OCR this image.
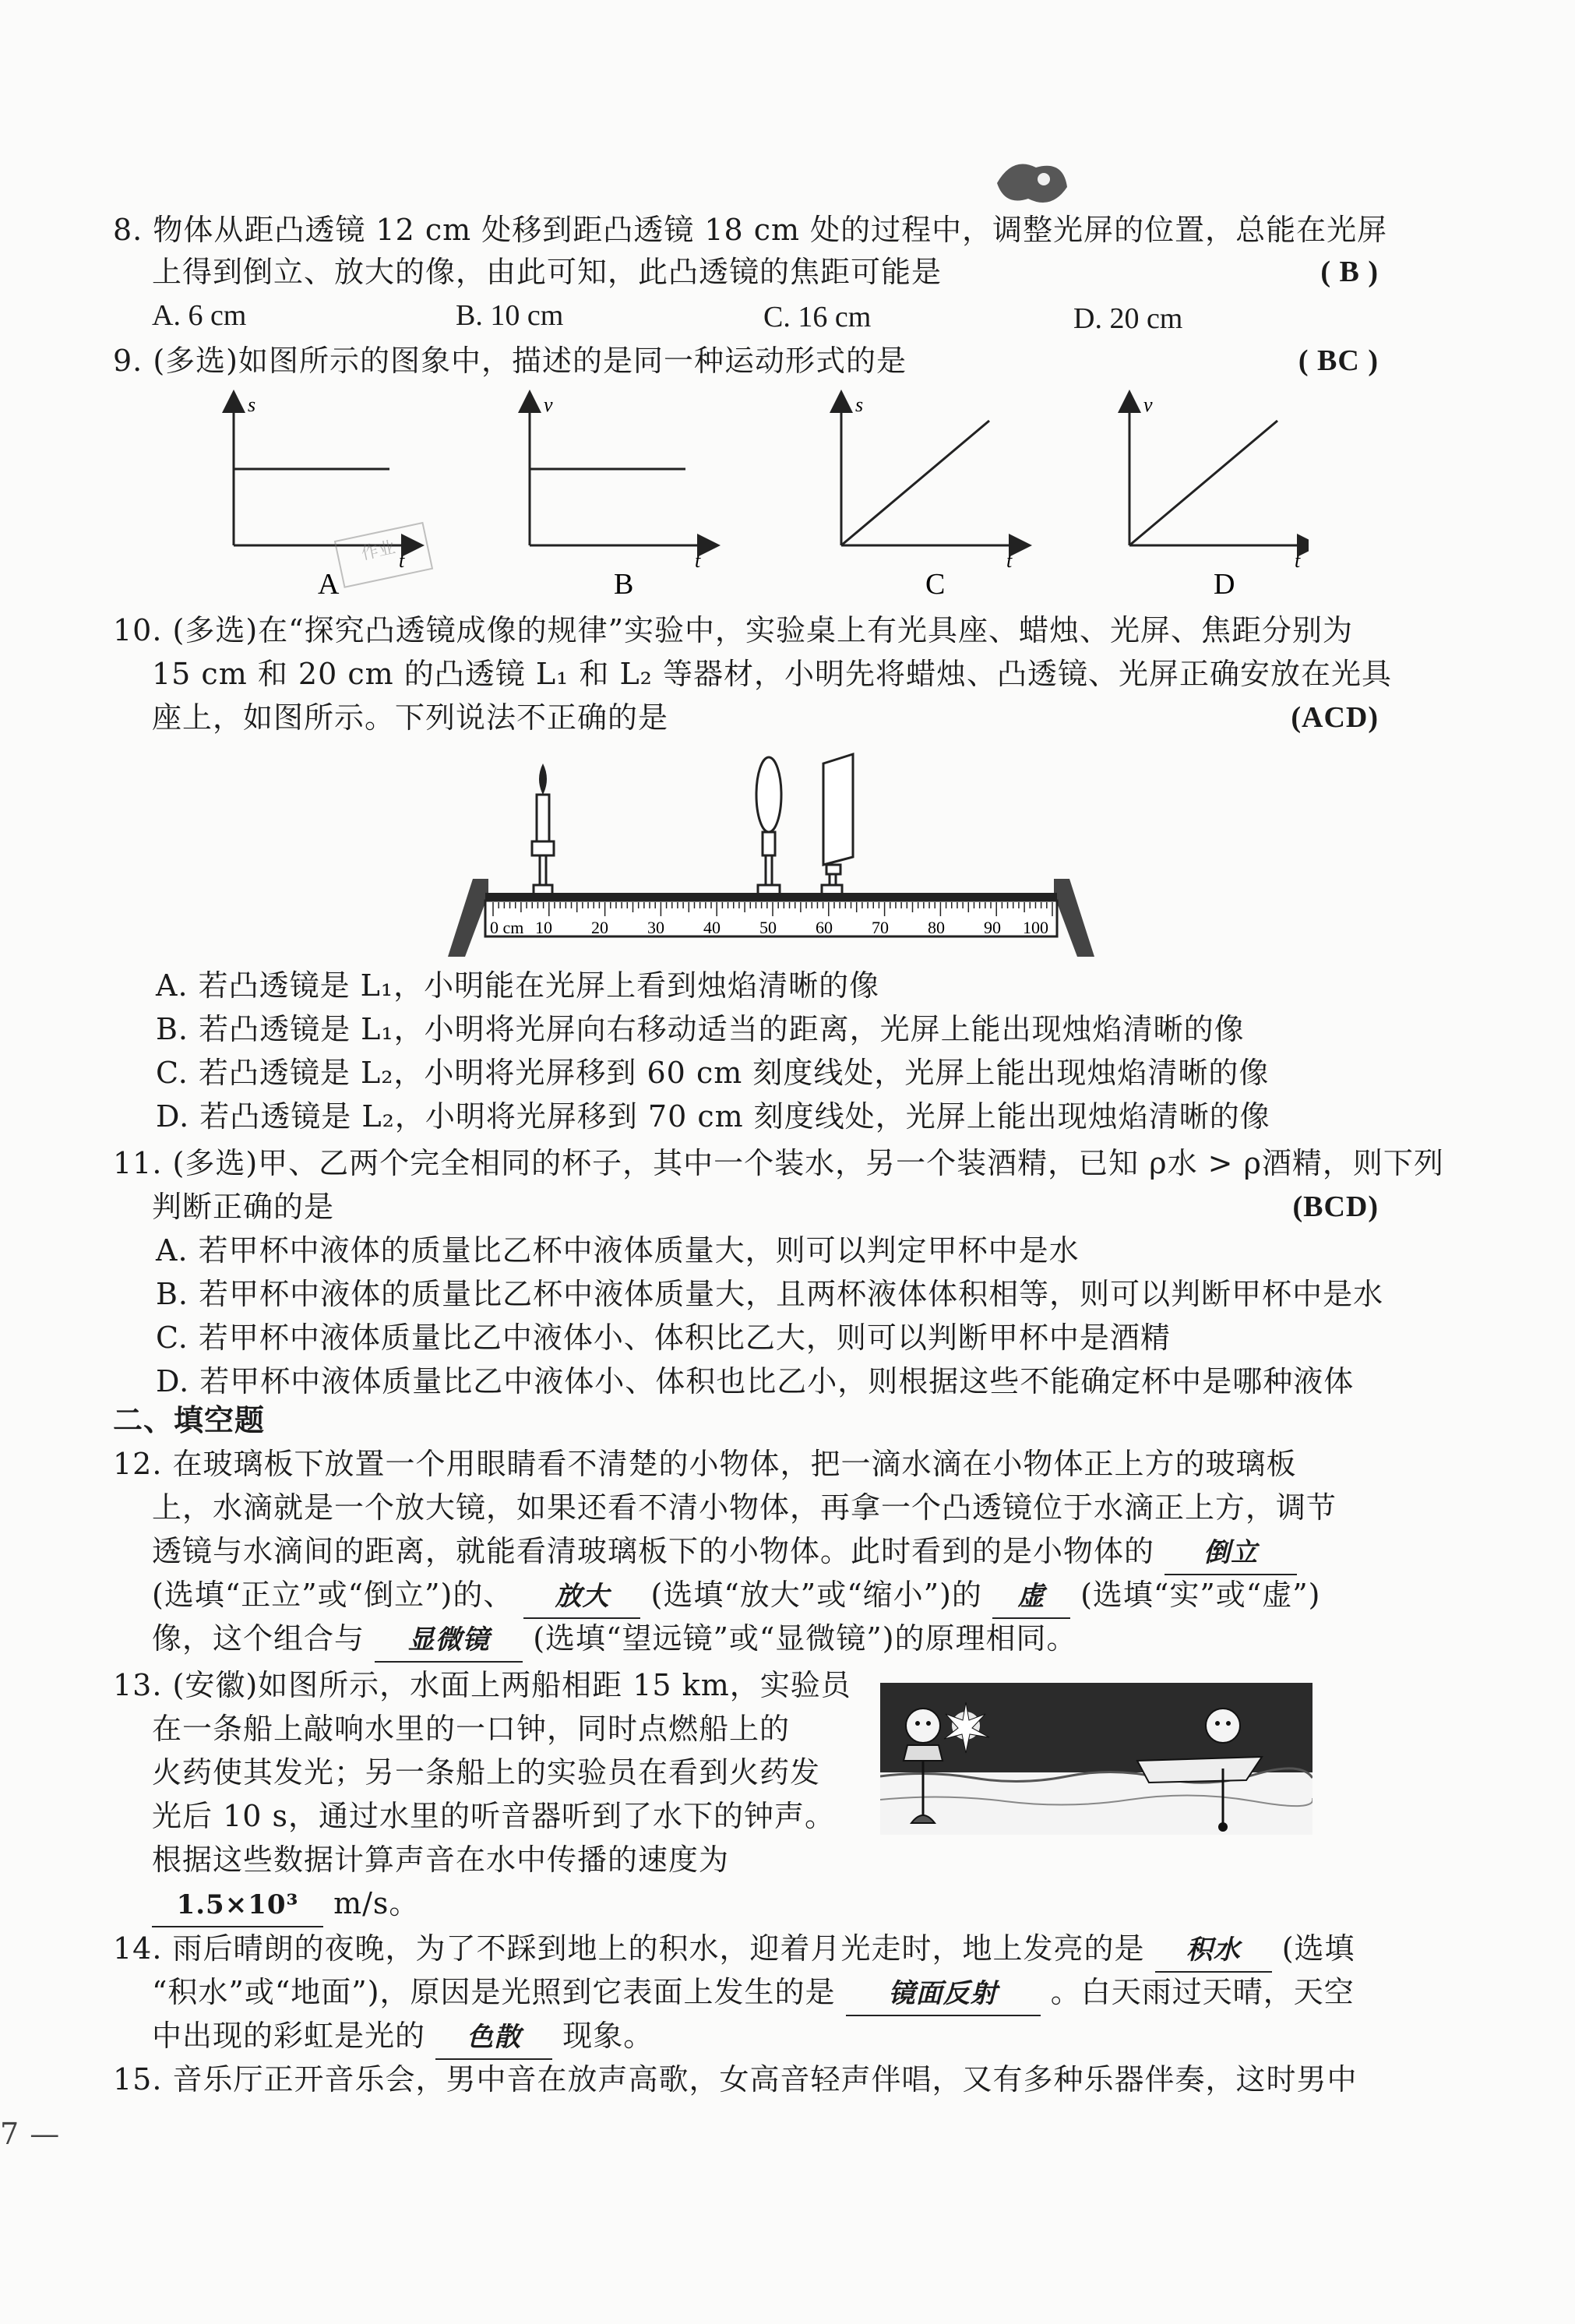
8. 物体从距凸透镜 12 cm 处移到距凸透镜 18 cm 处的过程中，调整光屏的位置，总能在光屏
上得到倒立、放大的像，由此可知，此凸透镜的焦距可能是	( B )
A. 6 cm	B. 10 cm	C. 16 cm	D. 20 cm
9. (多选)如图所示的图象中，描述的是同一种运动形式的是	( BC )
s
t
A
v
t
B
s
t
C
v
t
D
作业
10. (多选)在“探究凸透镜成像的规律”实验中，实验桌上有光具座、蜡烛、光屏、焦距分别为
15 cm 和 20 cm 的凸透镜 L₁ 和 L₂ 等器材，小明先将蜡烛、凸透镜、光屏正确安放在光具
座上，如图所示。下列说法不正确的是	(ACD)
0 cm 10 20 30 40 50 60 70 80 90 100
A. 若凸透镜是 L₁，小明能在光屏上看到烛焰清晰的像
B. 若凸透镜是 L₁，小明将光屏向右移动适当的距离，光屏上能出现烛焰清晰的像
C. 若凸透镜是 L₂，小明将光屏移到 60 cm 刻度线处，光屏上能出现烛焰清晰的像
D. 若凸透镜是 L₂，小明将光屏移到 70 cm 刻度线处，光屏上能出现烛焰清晰的像
11. (多选)甲、乙两个完全相同的杯子，其中一个装水，另一个装酒精，已知 ρ水 > ρ酒精，则下列
判断正确的是	(BCD)
A. 若甲杯中液体的质量比乙杯中液体质量大，则可以判定甲杯中是水
B. 若甲杯中液体的质量比乙杯中液体质量大，且两杯液体体积相等，则可以判断甲杯中是水
C. 若甲杯中液体质量比乙中液体小、体积比乙大，则可以判断甲杯中是酒精
D. 若甲杯中液体质量比乙中液体小、体积也比乙小，则根据这些不能确定杯中是哪种液体
二、填空题
12. 在玻璃板下放置一个用眼睛看不清楚的小物体，把一滴水滴在小物体正上方的玻璃板
上，水滴就是一个放大镜，如果还看不清小物体，再拿一个凸透镜位于水滴正上方，调节
透镜与水滴间的距离，就能看清玻璃板下的小物体。此时看到的是小物体的 倒立
(选填“正立”或“倒立”)的、 放大 (选填“放大”或“缩小”)的 虚 (选填“实”或“虚”)
像，这个组合与 显微镜 (选填“望远镜”或“显微镜”)的原理相同。
13. (安徽)如图所示，水面上两船相距 15 km，实验员
在一条船上敲响水里的一口钟，同时点燃船上的
火药使其发光；另一条船上的实验员在看到火药发
光后 10 s，通过水里的听音器听到了水下的钟声。
根据这些数据计算声音在水中传播的速度为
1.5×10³ m/s。
14. 雨后晴朗的夜晚，为了不踩到地上的积水，迎着月光走时，地上发亮的是 积水 (选填
“积水”或“地面”)，原因是光照到它表面上发生的是 镜面反射 。白天雨过天晴，天空
中出现的彩虹是光的 色散 现象。
15. 音乐厅正开音乐会，男中音在放声高歌，女高音轻声伴唱，又有多种乐器伴奏，这时男中
7 —
